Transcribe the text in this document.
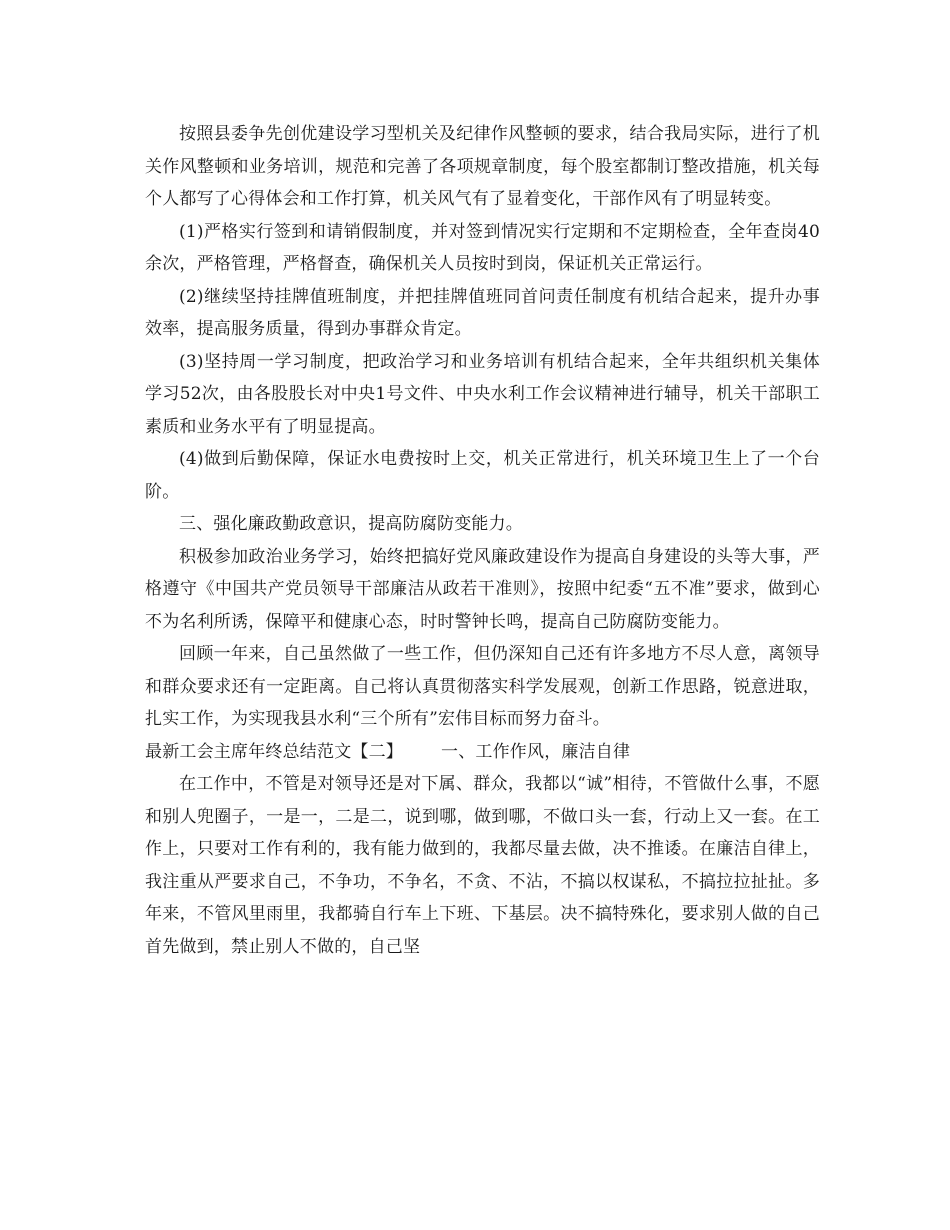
按照县委争先创优建设学习型机关及纪律作风整顿的要求，结合我局实际，进行了机关作风整顿和业务培训，规范和完善了各项规章制度，每个股室都制订整改措施，机关每个人都写了心得体会和工作打算，机关风气有了显着变化，干部作风有了明显转变。

(1)严格实行签到和请销假制度，并对签到情况实行定期和不定期检查，全年查岗40余次，严格管理，严格督查，确保机关人员按时到岗，保证机关正常运行。

(2)继续坚持挂牌值班制度，并把挂牌值班同首问责任制度有机结合起来，提升办事效率，提高服务质量，得到办事群众肯定。

(3)坚持周一学习制度，把政治学习和业务培训有机结合起来，全年共组织机关集体学习52次，由各股股长对中央1号文件、中央水利工作会议精神进行辅导，机关干部职工素质和业务水平有了明显提高。

(4)做到后勤保障，保证水电费按时上交，机关正常进行，机关环境卫生上了一个台阶。

三、强化廉政勤政意识，提高防腐防变能力。

积极参加政治业务学习，始终把搞好党风廉政建设作为提高自身建设的头等大事，严格遵守《中国共产党员领导干部廉洁从政若干准则》，按照中纪委“五不准”要求，做到心不为名利所诱，保障平和健康心态，时时警钟长鸣，提高自己防腐防变能力。

回顾一年来，自己虽然做了一些工作，但仍深知自己还有许多地方不尽人意，离领导和群众要求还有一定距离。自己将认真贯彻落实科学发展观，创新工作思路，锐意进取，扎实工作，为实现我县水利“三个所有”宏伟目标而努力奋斗。

最新工会主席年终总结范文【二】 一、工作作风，廉洁自律

在工作中，不管是对领导还是对下属、群众，我都以“诚”相待，不管做什么事，不愿和别人兜圈子，一是一，二是二，说到哪，做到哪，不做口头一套，行动上又一套。在工作上，只要对工作有利的，我有能力做到的，我都尽量去做，决不推诿。在廉洁自律上，我注重从严要求自己，不争功，不争名，不贪、不沾，不搞以权谋私，不搞拉拉扯扯。多年来，不管风里雨里，我都骑自行车上下班、下基层。决不搞特殊化，要求别人做的自己首先做到，禁止别人不做的，自己坚
